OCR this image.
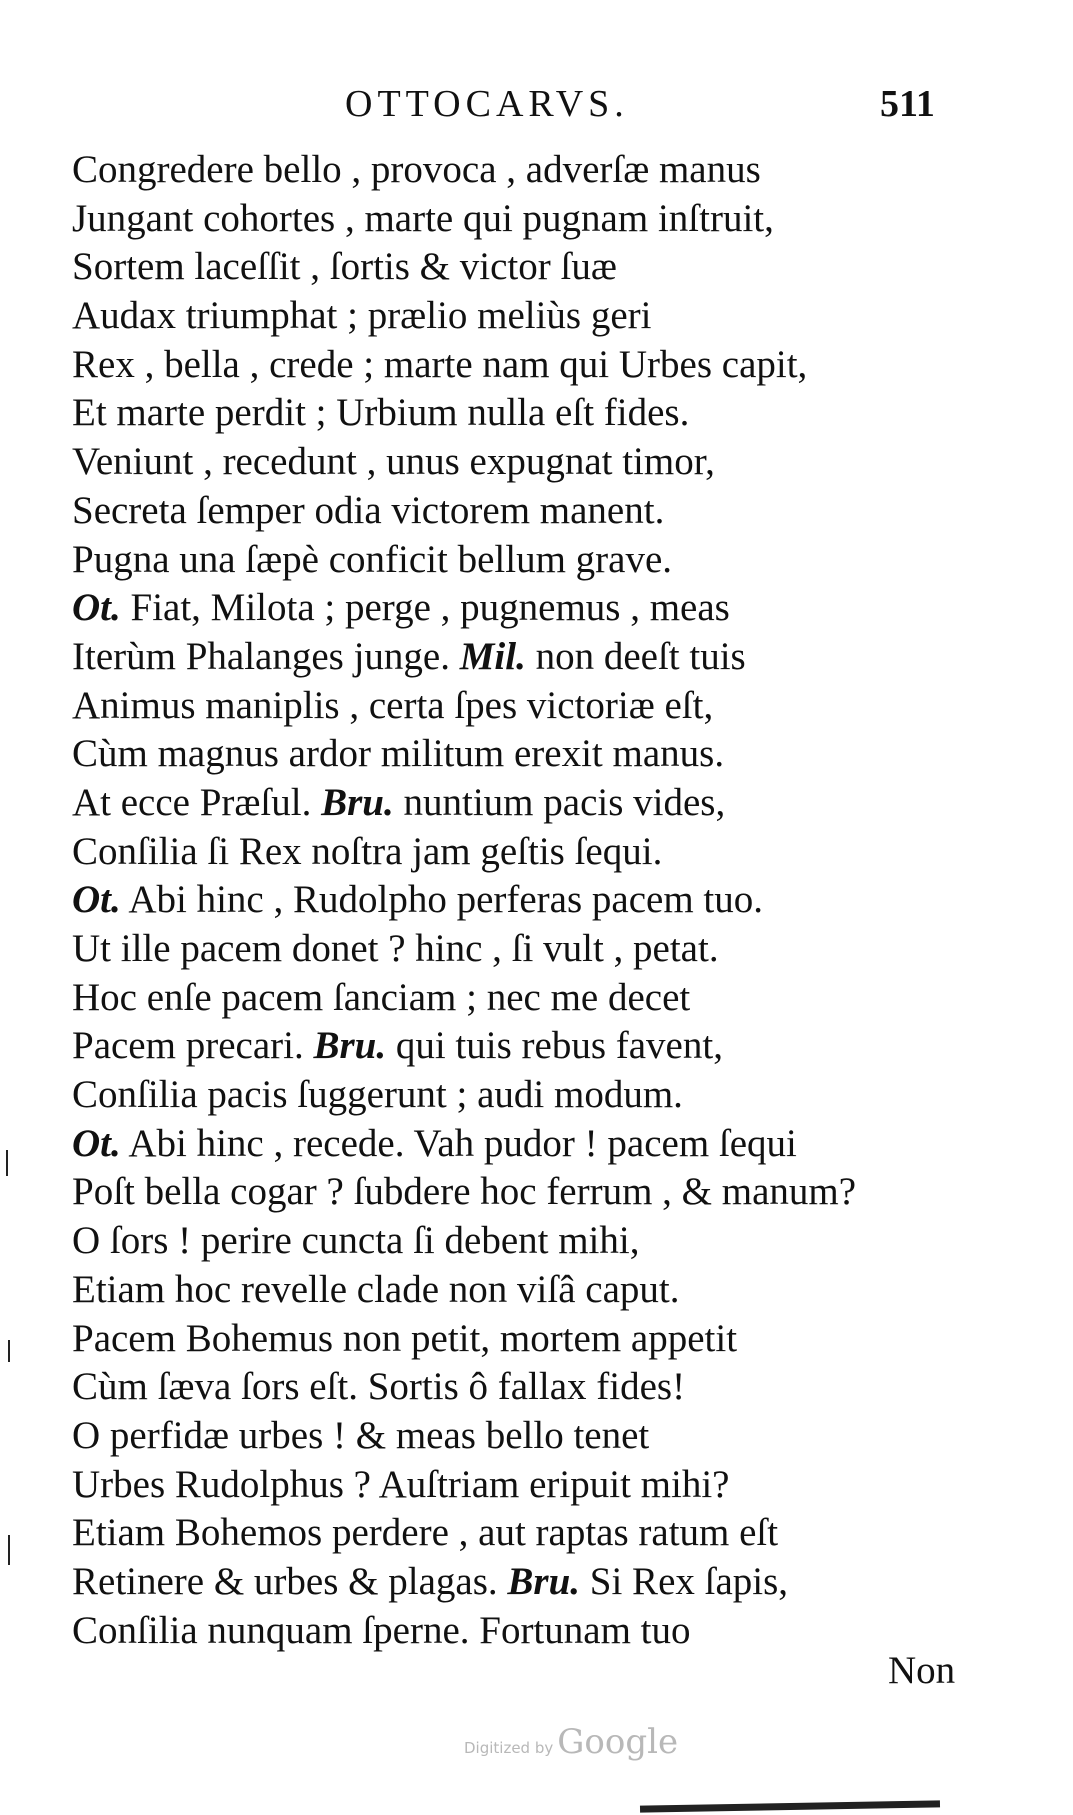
OTTOCARVS.	511
Congredere bello , provoca , adverſæ manus
Jungant cohortes , marte qui pugnam inſtruit,
Sortem laceſſit , ſortis & victor ſuæ
Audax triumphat ; prælio meliùs geri
Rex , bella , crede ; marte nam qui Urbes capit,
Et marte perdit ; Urbium nulla eſt fides.
Veniunt , recedunt , unus expugnat timor,
Secreta ſemper odia victorem manent.
Pugna una ſæpè conficit bellum grave.
Ot. Fiat, Milota ; perge , pugnemus , meas
Iterùm Phalanges junge. Mil. non deeſt tuis
Animus maniplis , certa ſpes victoriæ eſt,
Cùm magnus ardor militum erexit manus.
At ecce Præſul. Bru. nuntium pacis vides,
Conſilia ſi Rex noſtra jam geſtis ſequi.
Ot. Abi hinc , Rudolpho perferas pacem tuo.
Ut ille pacem donet ? hinc , ſi vult , petat.
Hoc enſe pacem ſanciam ; nec me decet
Pacem precari. Bru. qui tuis rebus favent,
Conſilia pacis ſuggerunt ; audi modum.
Ot. Abi hinc , recede. Vah pudor ! pacem ſequi
Poſt bella cogar ? ſubdere hoc ferrum , & manum?
O ſors ! perire cuncta ſi debent mihi,
Etiam hoc revelle clade non viſâ caput.
Pacem Bohemus non petit, mortem appetit
Cùm ſæva ſors eſt. Sortis ô fallax fides!
O perfidæ urbes ! & meas bello tenet
Urbes Rudolphus ? Auſtriam eripuit mihi?
Etiam Bohemos perdere , aut raptas ratum eſt
Retinere & urbes & plagas. Bru. Si Rex ſapis,
Conſilia nunquam ſperne. Fortunam tuo
Non
Digitized by Google
